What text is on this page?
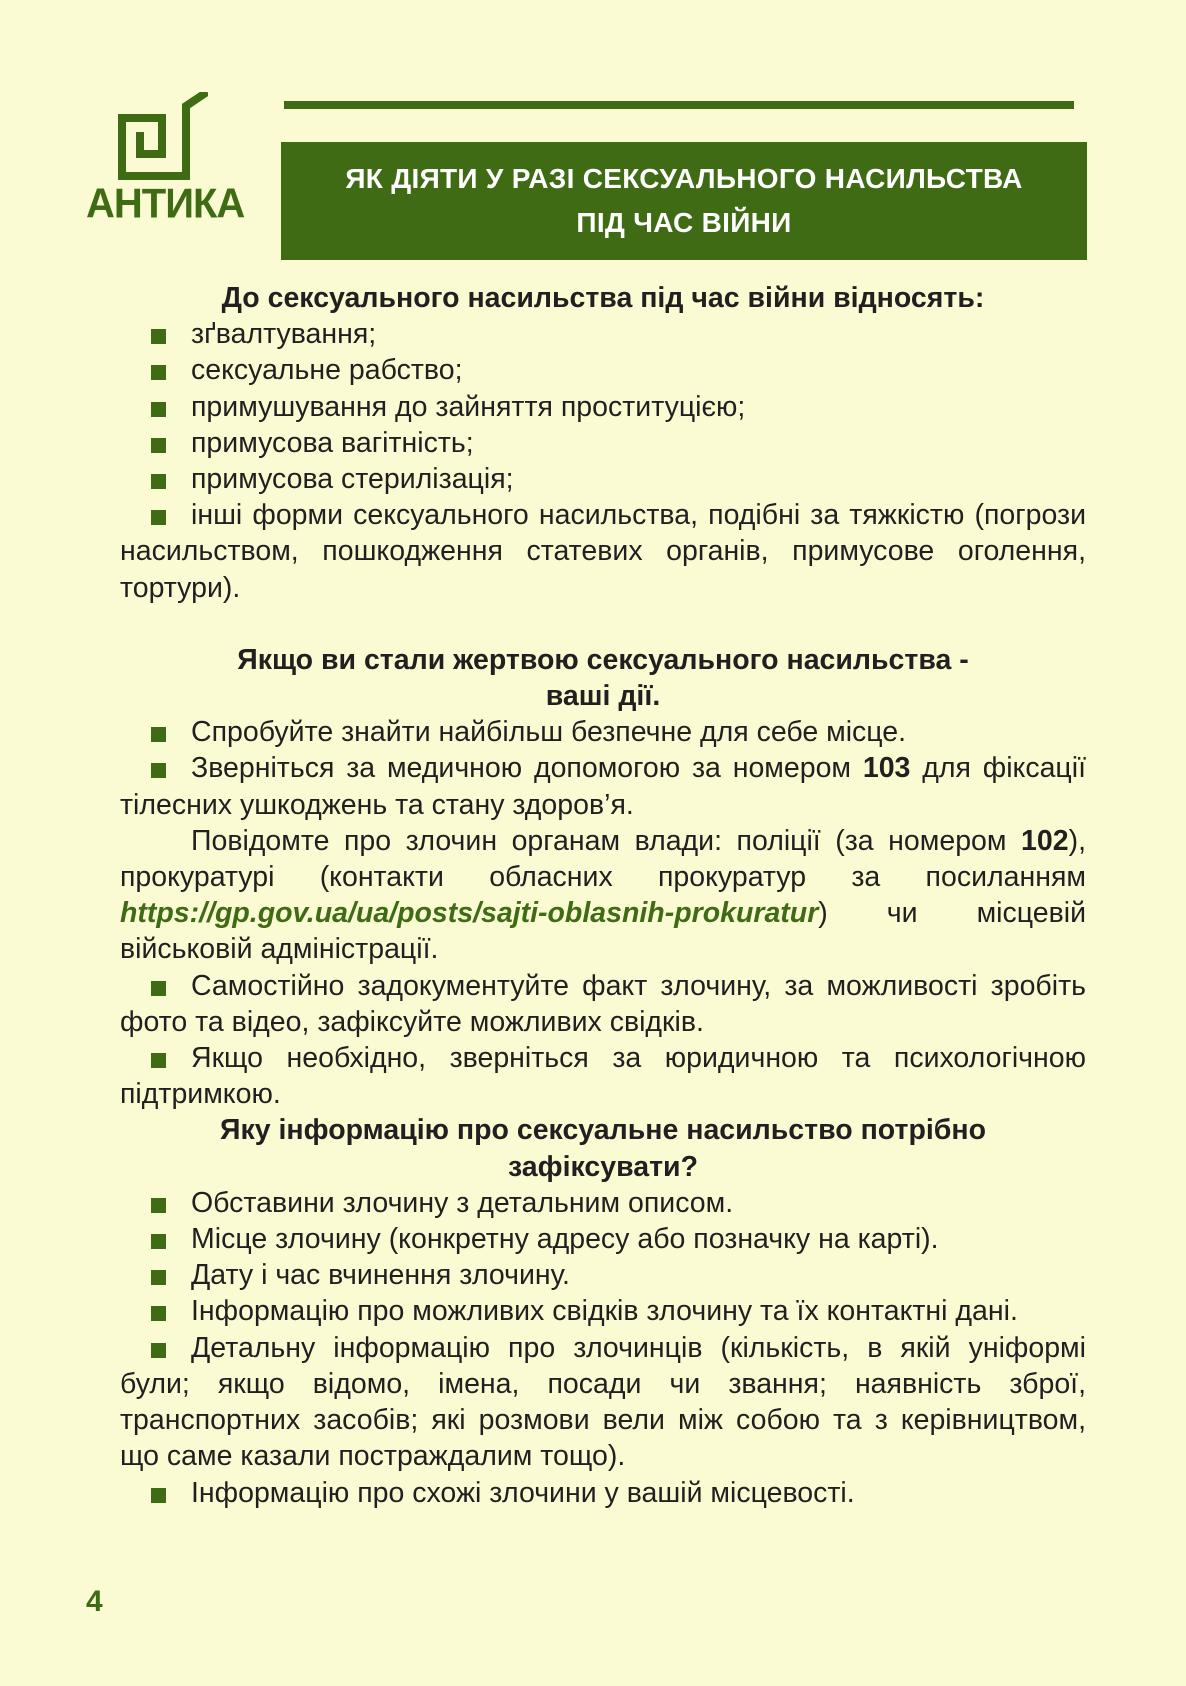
АНТИКА
ЯК ДІЯТИ У РАЗІ СЕКСУАЛЬНОГО НАСИЛЬСТВА
ПІД ЧАС ВІЙНИ
До сексуального насильства під час війни відносять:
зґвалтування;
сексуальне рабство;
примушування до зайняття проституцією;
примусова вагітність;
примусова стерилізація;
інші форми сексуального насильства, подібні за тяжкістю (погрози насильством, пошкодження статевих органів, примусове оголення, тортури).
Якщо ви стали жертвою сексуального насильства -
ваші дії.
Спробуйте знайти найбільш безпечне для себе місце.
Зверніться за медичною допомогою за номером 103 для фіксації тілесних ушкоджень та стану здоров’я.
Повідомте про злочин органам влади: поліції (за номером 102), прокуратурі (контакти обласних прокуратур за посиланням https://gp.gov.ua/ua/posts/sajti-oblasnih-prokuratur) чи місцевій військовій адміністрації.
Самостійно задокументуйте факт злочину, за можливості зробіть фото та відео, зафіксуйте можливих свідків.
Якщо необхідно, зверніться за юридичною та психологічною підтримкою.
Яку інформацію про сексуальне насильство потрібно
зафіксувати?
Обставини злочину з детальним описом.
Місце злочину (конкретну адресу або позначку на карті).
Дату і час вчинення злочину.
Інформацію про можливих свідків злочину та їх контактні дані.
Детальну інформацію про злочинців (кількість, в якій уніформі були; якщо відомо, імена, посади чи звання; наявність зброї, транспортних засобів; які розмови вели між собою та з керівництвом, що саме казали постраждалим тощо).
Інформацію про схожі злочини у вашій місцевості.
4
